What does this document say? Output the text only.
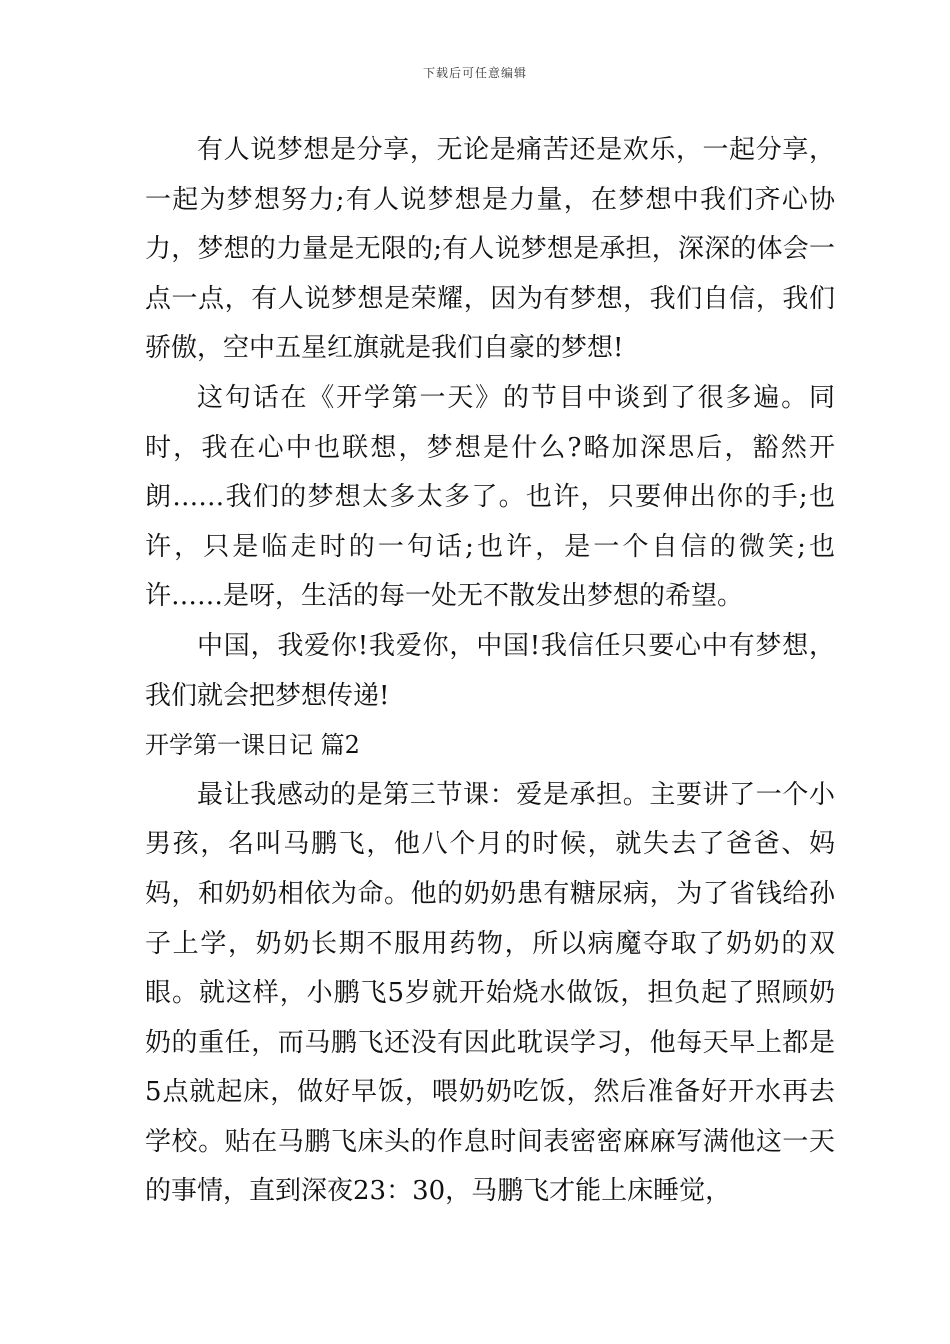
下载后可任意编辑

有人说梦想是分享，无论是痛苦还是欢乐，一起分享，一起为梦想努力;有人说梦想是力量，在梦想中我们齐心协力，梦想的力量是无限的;有人说梦想是承担，深深的体会一点一点，有人说梦想是荣耀，因为有梦想，我们自信，我们骄傲，空中五星红旗就是我们自豪的梦想!

这句话在《开学第一天》的节目中谈到了很多遍。同时，我在心中也联想，梦想是什么?略加深思后，豁然开朗……我们的梦想太多太多了。也许，只要伸出你的手;也许，只是临走时的一句话;也许，是一个自信的微笑;也许……是呀，生活的每一处无不散发出梦想的希望。

中国，我爱你!我爱你，中国!我信任只要心中有梦想，我们就会把梦想传递!

开学第一课日记 篇2

最让我感动的是第三节课：爱是承担。主要讲了一个小男孩，名叫马鹏飞，他八个月的时候，就失去了爸爸、妈妈，和奶奶相依为命。他的奶奶患有糖尿病，为了省钱给孙子上学，奶奶长期不服用药物，所以病魔夺取了奶奶的双眼。就这样，小鹏飞5岁就开始烧水做饭，担负起了照顾奶奶的重任，而马鹏飞还没有因此耽误学习，他每天早上都是5点就起床，做好早饭，喂奶奶吃饭，然后准备好开水再去学校。贴在马鹏飞床头的作息时间表密密麻麻写满他这一天的事情，直到深夜23：30，马鹏飞才能上床睡觉，
